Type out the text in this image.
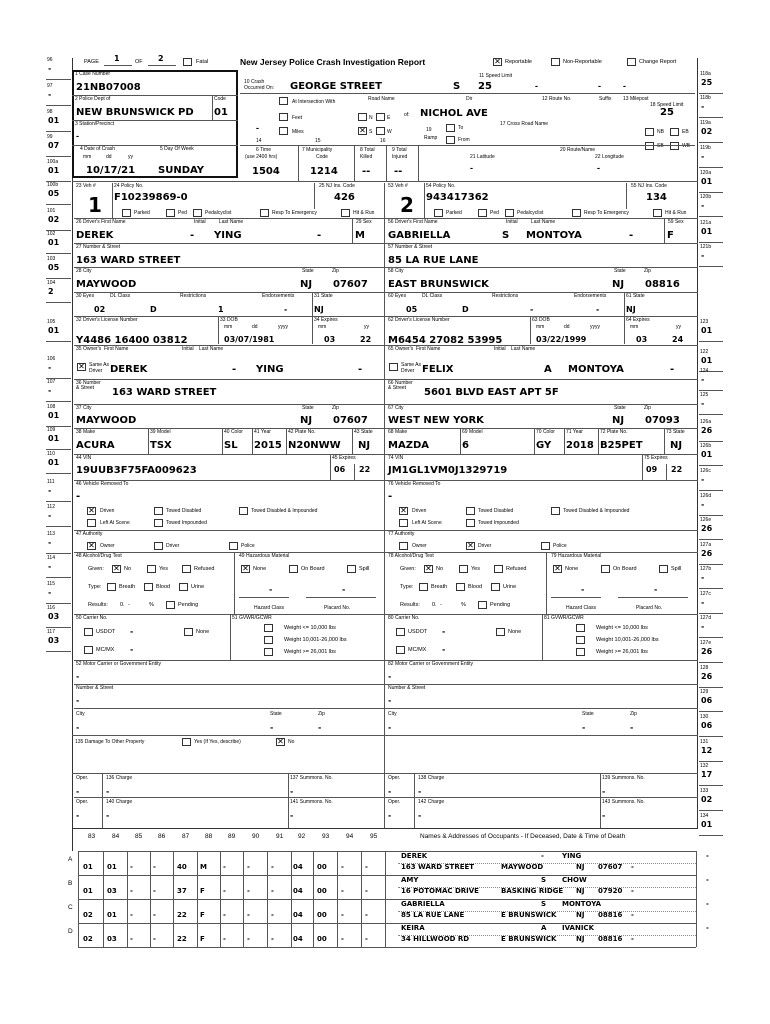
96
-
97
-
98
01
99
07
100a
01
100b
05
101
02
102
01
103
05
104
2
105
01
106
-
107
-
108
01
109
01
110
01
111
-
112
-
113
-
114
-
115
-
116
03
117
03
118a
25
118b
-
119a
02
119b
-
120a
01
120b
-
121a
01
121b
-
122
01
123
01
124
-
125
-
126a
26
126b
01
126c
-
126d
-
126e
26
127a
26
127b
-
127c
-
127d
-
127e
26
128
26
129
06
130
06
131
12
132
17
133
02
134
01
PAGE 1	OF 2	Fatal	New Jersey Police Crash Investigation Report ✕	Reportable	Non-Reportable	Change Report
1 Case Number
21NB07008
2 Police Dept of
NEW BRUNSWICK PD
Code
01
3 Station/Precinct
-
4 Date of Crash
mm	dd	yy
10/17/21
5 Day Of Week
SUNDAY
10 Crash
Occurred On: GEORGE STREET	S
11 Speed Limit
25	-	- -
At Intersection With	Road Name	Dir	12 Route No.	Suffix 13 Milepost
18 Speed Limit
25
Feet	N	E	of: NICHOL AVE
-	Miles ✕	S	W	19
Ramp
To
From
17 Cross Road Name
14	15	16
NB	EB
SB	WB
6 Time
(use 2400 hrs)
1504
7 Municipality
Code
1214
8 Total
Killed
--
9 Total
Injured
--
21 Latitude
-
20 Route/Name
22 Longitude
-
23 Veh #
1
24 Policy No.
F10239869-0
25 NJ Ins. Code
426
Parked	Ped	Pedalcyclist	Resp To Emergency	Hit & Run
26 Driver's First Name	Initial	Last Name	29 Sex
DEREK	- YING	-	M
27 Number & Street
163 WARD STREET
28 City	State	Zip
MAYWOOD	NJ 07607
30 Eyes	DL Class	Restrictions	Endorsements	31 State
02	D	1	-	NJ
32 Driver's License Number	33 DOB	34 Expires
mm	dd	yyyy	mm	yy
Y4486 16400 03812	03/07/1981	03	22
35 Owner's First Name	Initial Last Name
✕
Same As
Driver DEREK	- YING	-
36 Number
& Street 163 WARD STREET
37 City	State	Zip
MAYWOOD	NJ 07607
38 Make	39 Model	40 Color 41 Year	42 Plate No.	43 State
ACURA	TSX	SL 2015 N20NWW NJ
44 VIN	45 Expires
19UUB3F75FA009623	06 22
46 Vehicle Removed To
-
✕
Driven	Towed Disabled	Towed Disabled & Impounded
Left At Scene	Towed Impounded
47 Authority
✕
Owner	Driver	Police
48 Alcohol/Drug Test	49 Hazardous Material
Given: ✕	No	Yes	Refused ✕	None	On Board	Spill
Type:	Breath	Blood	Urine	-	-
Results: 0. -	%	Pending	Hazard Class	Placard No.
50 Carrier No.	51 GVWR/GCWR
USDOT -	None
MC/MX -
Weight <= 10,000 lbs
Weight 10,001-26,000 lbs
Weight >= 26,001 lbs
52 Motor Carrier or Government Entity
-
Number & Street
-
City	State	Zip
-	-	-
Oper.	136 Charge	137 Summons. No.
-	-	-
Oper.	140 Charge	141 Summons. No.
-	-	-
53 Veh #
2
54 Policy No.
943417362
55 NJ Ins. Code
134
Parked	Ped	Pedalcyclist	Resp To Emergency	Hit & Run
56 Driver's First Name	Initial	Last Name	59 Sex
GABRIELLA	S MONTOYA	-	F
57 Number & Street
85 LA RUE LANE
58 City	State	Zip
EAST BRUNSWICK	NJ 08816
60 Eyes	DL Class	Restrictions	Endorsements	61 State
05	D	-	-	NJ
62 Driver's License Number	63 DOB	64 Expires
mm	dd	yyyy	mm	yy
M6454 27082 53995	03/22/1999	03	24
65 Owner's First Name	Initial Last Name
Same As
Driver FELIX	A MONTOYA	-
66 Number
& Street 5601 BLVD EAST APT 5F
67 City	State	Zip
WEST NEW YORK	NJ 07093
68 Make	69 Model	70 Color 71 Year	72 Plate No.	73 State
MAZDA	6	GY 2018 B25PET	NJ
74 VIN	75 Expires
JM1GL1VM0J1329719	09 22
76 Vehicle Removed To
-
✕
Driven	Towed Disabled	Towed Disabled & Impounded
Left At Scene	Towed Impounded
77 Authority
Owner ✕	Driver	Police
78 Alcohol/Drug Test	79 Hazardous Material
Given: ✕	No	Yes	Refused ✕	None	On Board	Spill
Type:	Breath	Blood	Urine	-	-
Results: 0. -	%	Pending	Hazard Class	Placard No.
80 Carrier No.	81 GVWR/GCWR
USDOT -	None
MC/MX -
Weight <= 10,000 lbs
Weight 10,001-26,000 lbs
Weight >= 26,001 lbs
82 Motor Carrier or Government Entity
-
Number & Street
-
City	State	Zip
-	-	-
Oper.	138 Charge	139 Summons. No.
-	-	-
Oper.	142 Charge	143 Summons. No.
-	-	-
135 Damage To Other Property	Yes (If Yes, describe) ✕	No
83	84 85 86	87 88 89	90	91 92	93	94	95	Names & Addresses of Occupants - If Deceased, Date & Time of Death
A
01 01 -	-	40 M -	-	-	04 00 -	-
DEREK	-	YING	-
163 WARD STREET	MAYWOOD	NJ 07607 -
B
01 03 -	-	37 F	-	-	-	04 00 -	-
AMY	S CHOW	-
16 POTOMAC DRIVE	BASKING RIDGE NJ 07920 -
C
02 01 -	-	22 F	-	-	-	04 00 -	-
GABRIELLA	S MONTOYA	-
85 LA RUE LANE	E BRUNSWICK	NJ 08816 -
D
02 03 -	-	22 F	-	-	-	04 00 -	-
KEIRA	A IVANICK	-
34 HILLWOOD RD	E BRUNSWICK	NJ 08816 -
